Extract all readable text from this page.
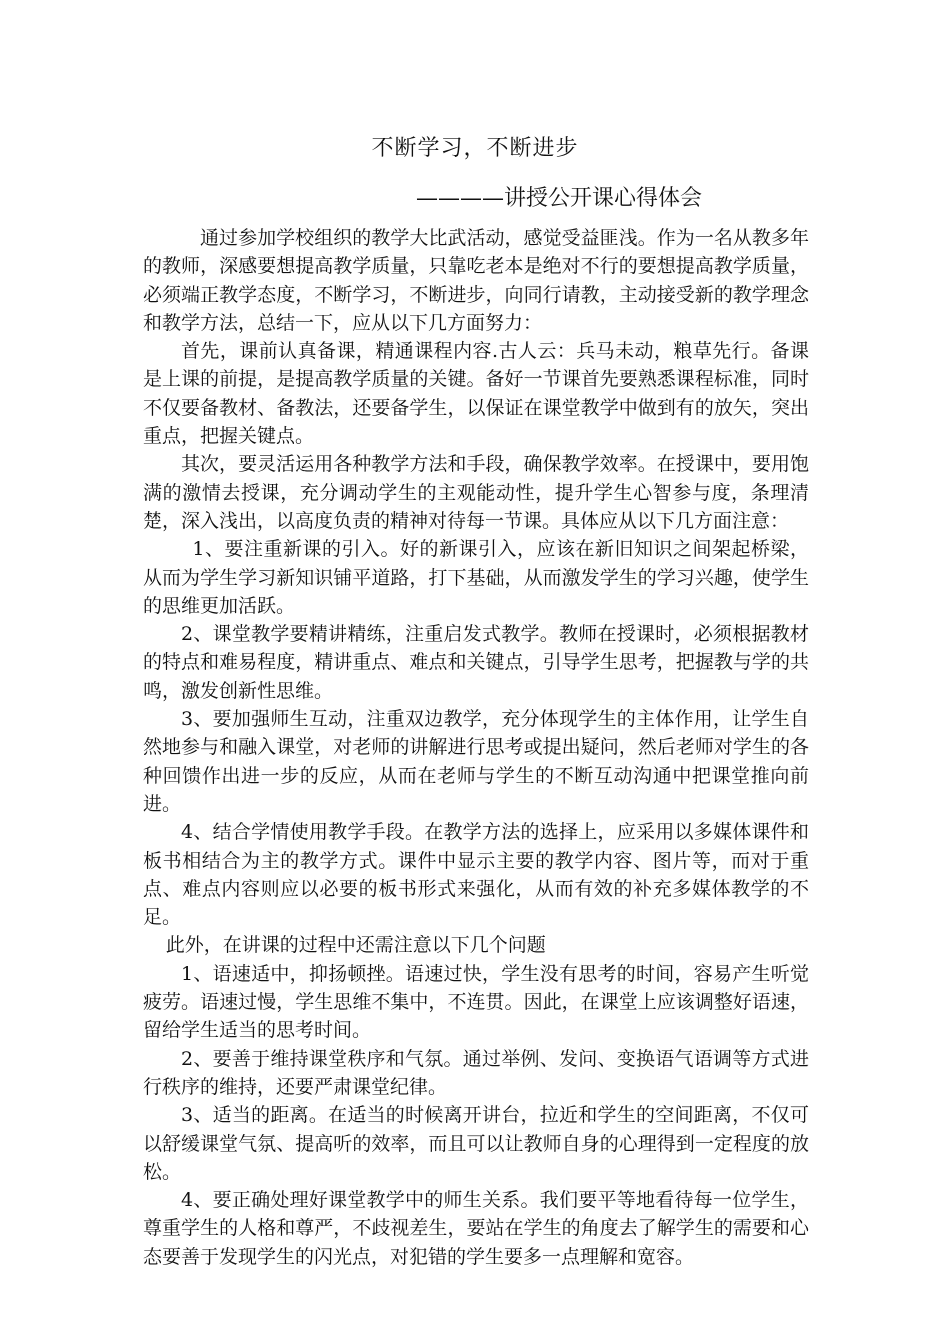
不断学习，不断进步
————讲授公开课心得体会

通过参加学校组织的教学大比武活动，感觉受益匪浅。作为一名从教多年的教师，深感要想提高教学质量，只靠吃老本是绝对不行的要想提高教学质量，必须端正教学态度，不断学习，不断进步，向同行请教，主动接受新的教学理念和教学方法，总结一下，应从以下几方面努力：

首先，课前认真备课，精通课程内容.古人云：兵马未动，粮草先行。备课是上课的前提，是提高教学质量的关键。备好一节课首先要熟悉课程标准，同时不仅要备教材、备教法，还要备学生，以保证在课堂教学中做到有的放矢，突出重点，把握关键点。

其次，要灵活运用各种教学方法和手段，确保教学效率。在授课中，要用饱满的激情去授课，充分调动学生的主观能动性，提升学生心智参与度，条理清楚，深入浅出，以高度负责的精神对待每一节课。具体应从以下几方面注意：

1、要注重新课的引入。好的新课引入，应该在新旧知识之间架起桥梁，从而为学生学习新知识铺平道路，打下基础，从而激发学生的学习兴趣，使学生的思维更加活跃。

2、课堂教学要精讲精练，注重启发式教学。教师在授课时，必须根据教材的特点和难易程度，精讲重点、难点和关键点，引导学生思考，把握教与学的共鸣，激发创新性思维。

3、要加强师生互动，注重双边教学，充分体现学生的主体作用，让学生自然地参与和融入课堂，对老师的讲解进行思考或提出疑问，然后老师对学生的各种回馈作出进一步的反应，从而在老师与学生的不断互动沟通中把课堂推向前进。

4、结合学情使用教学手段。在教学方法的选择上，应采用以多媒体课件和板书相结合为主的教学方式。课件中显示主要的教学内容、图片等，而对于重点、难点内容则应以必要的板书形式来强化，从而有效的补充多媒体教学的不足。

此外，在讲课的过程中还需注意以下几个问题

1、语速适中，抑扬顿挫。语速过快，学生没有思考的时间，容易产生听觉疲劳。语速过慢，学生思维不集中，不连贯。因此，在课堂上应该调整好语速，留给学生适当的思考时间。

2、要善于维持课堂秩序和气氛。通过举例、发问、变换语气语调等方式进行秩序的维持，还要严肃课堂纪律。

3、适当的距离。在适当的时候离开讲台，拉近和学生的空间距离，不仅可以舒缓课堂气氛、提高听的效率，而且可以让教师自身的心理得到一定程度的放松。

4、要正确处理好课堂教学中的师生关系。我们要平等地看待每一位学生，尊重学生的人格和尊严，不歧视差生，要站在学生的角度去了解学生的需要和心态要善于发现学生的闪光点，对犯错的学生要多一点理解和宽容。
